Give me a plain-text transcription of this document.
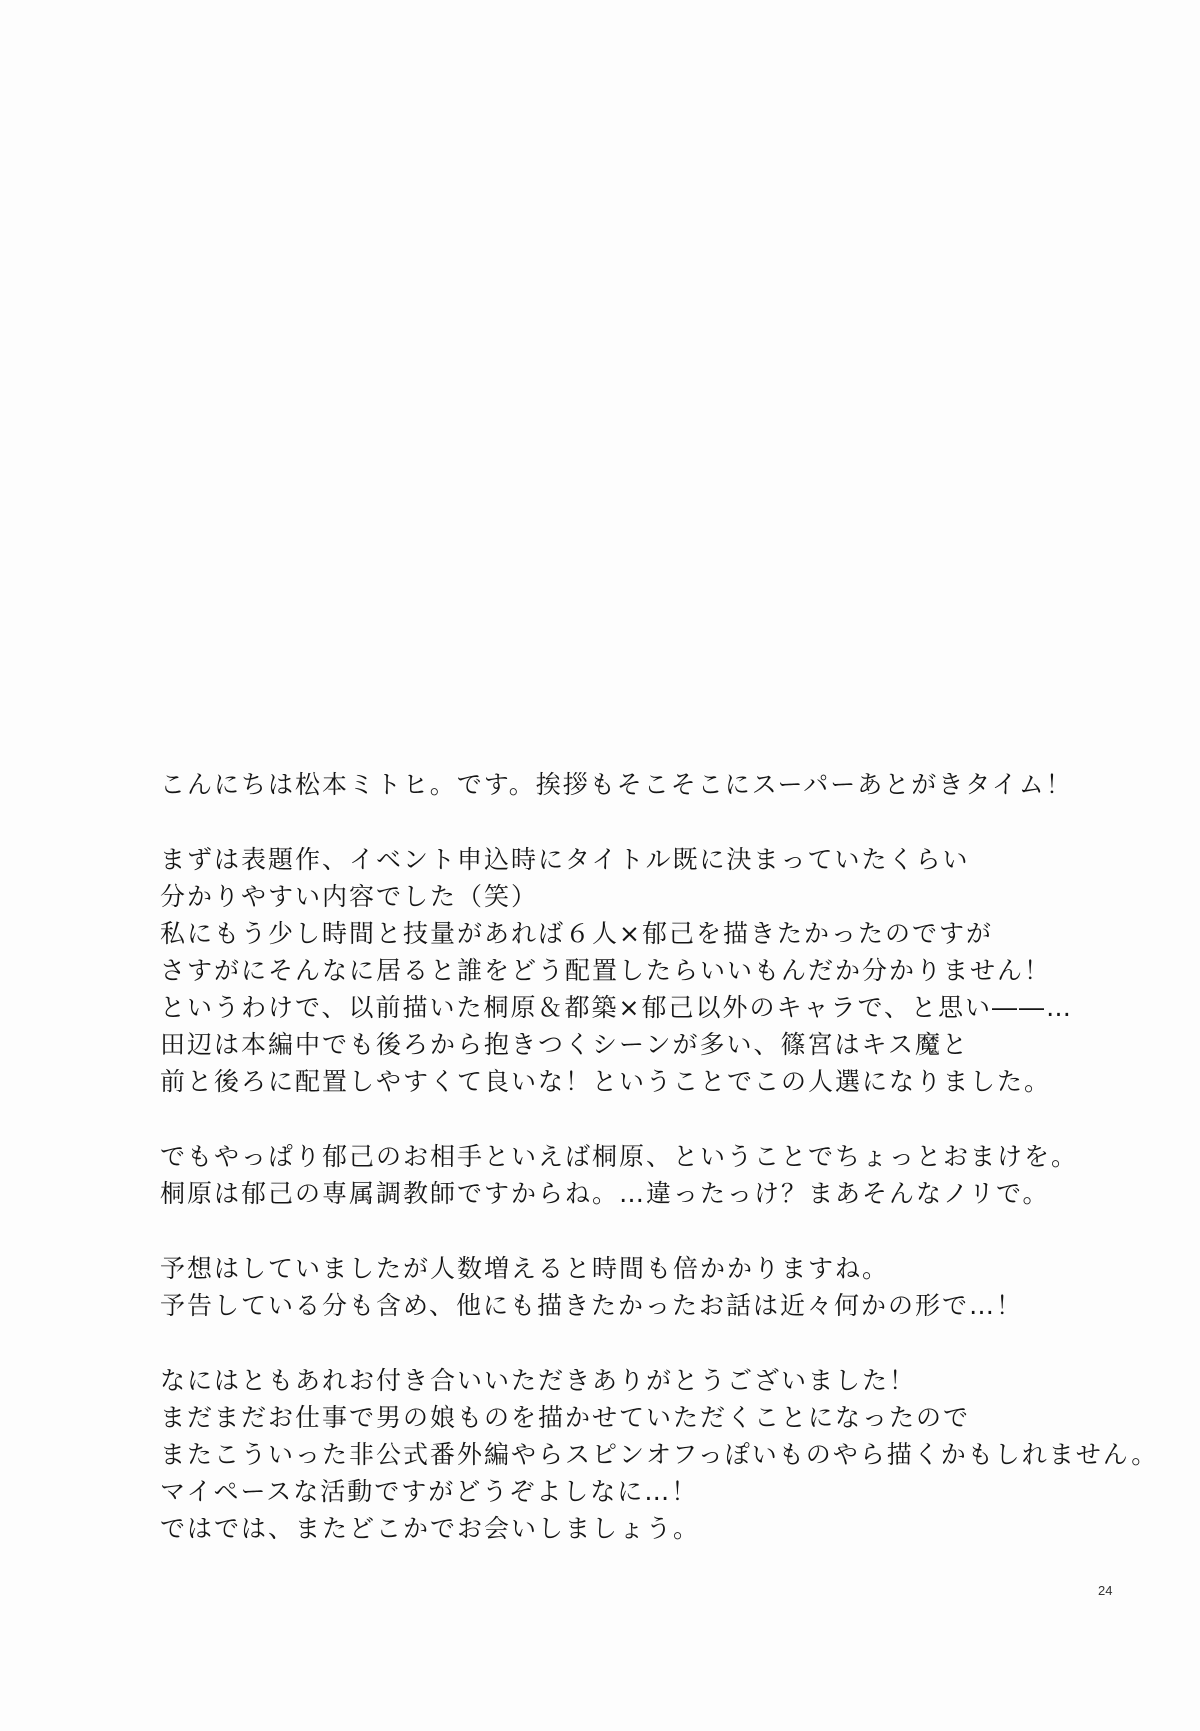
こんにちは松本ミトヒ。です。挨拶もそこそこにスーパーあとがきタイム！

まずは表題作、イベント申込時にタイトル既に決まっていたくらい
分かりやすい内容でした（笑）
私にもう少し時間と技量があれば６人×郁己を描きたかったのですが
さすがにそんなに居ると誰をどう配置したらいいもんだか分かりません！
というわけで、以前描いた桐原＆都築×郁己以外のキャラで、と思い――…
田辺は本編中でも後ろから抱きつくシーンが多い、篠宮はキス魔と
前と後ろに配置しやすくて良いな！ということでこの人選になりました。

でもやっぱり郁己のお相手といえば桐原、ということでちょっとおまけを。
桐原は郁己の専属調教師ですからね。…違ったっけ？まあそんなノリで。

予想はしていましたが人数増えると時間も倍かかりますね。
予告している分も含め、他にも描きたかったお話は近々何かの形で…！

なにはともあれお付き合いいただきありがとうございました！
まだまだお仕事で男の娘ものを描かせていただくことになったので
またこういった非公式番外編やらスピンオフっぽいものやら描くかもしれません。
マイペースな活動ですがどうぞよしなに…！
ではでは、またどこかでお会いしましょう。

24
